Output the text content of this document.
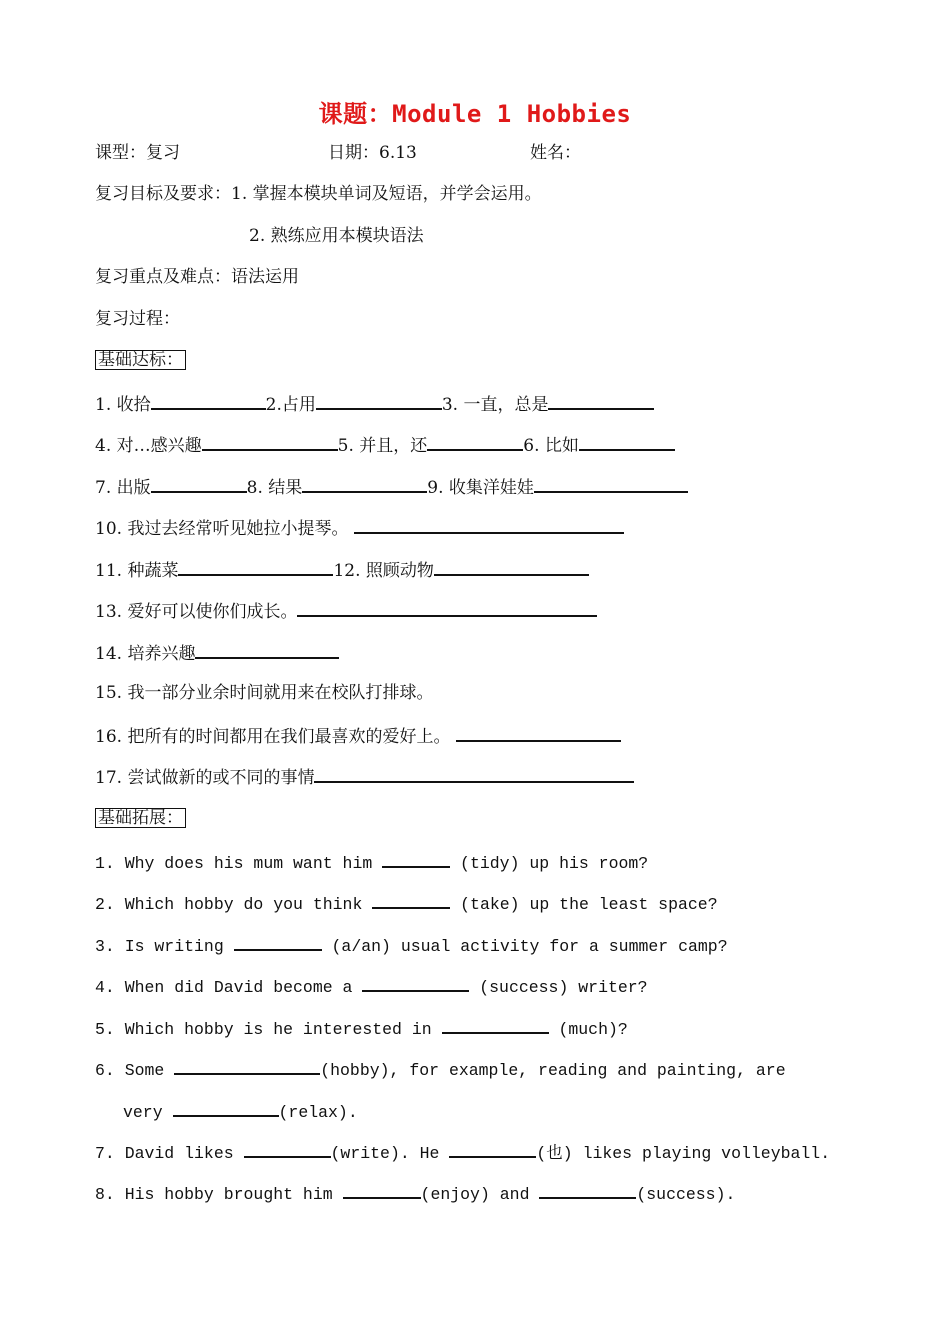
课题：Module 1 Hobbies
课型：复习	日期：6.13	姓名：
复习目标及要求：1. 掌握本模块单词及短语，并学会运用。
2. 熟练应用本模块语法
复习重点及难点：语法运用
复习过程：
基础达标：
1. 收拾	2.占用	3. 一直，总是
4. 对…感兴趣	5. 并且，还	6. 比如
7. 出版	8. 结果	9. 收集洋娃娃
10. 我过去经常听见她拉小提琴。
11. 种蔬菜	12. 照顾动物
13. 爱好可以使你们成长。
14. 培养兴趣
15. 我一部分业余时间就用来在校队打排球。
16. 把所有的时间都用在我们最喜欢的爱好上。
17. 尝试做新的或不同的事情
基础拓展：
1. Why does his mum want him	(tidy) up his room?
2. Which hobby do you think	(take) up the least space?
3. Is writing	(a/an) usual activity for a summer camp?
4. When did David become a	(success) writer?
5. Which hobby is he interested in	(much)?
6. Some	(hobby), for example, reading and painting, are
very	(relax).
7. David likes	(write). He	(也) likes playing volleyball.
8. His hobby brought him	(enjoy) and	(success).
